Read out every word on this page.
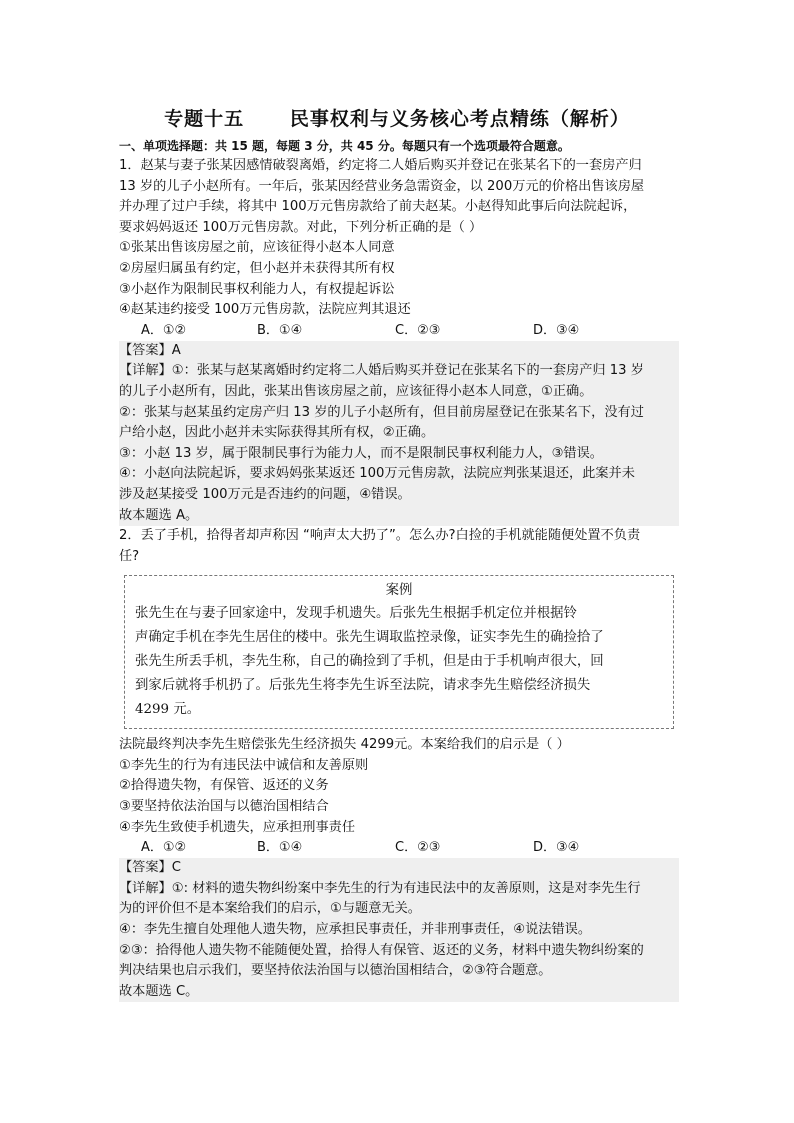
专题十五      民事权利与义务核心考点精练（解析）
一、单项选择题：共 15 题，每题 3 分，共 45 分。每题只有一个选项最符合题意。
1．赵某与妻子张某因感情破裂离婚，约定将二人婚后购买并登记在张某名下的一套房产归
13 岁的儿子小赵所有。一年后，张某因经营业务急需资金，以 200万元的价格出售该房屋
并办理了过户手续，将其中 100万元售房款给了前夫赵某。小赵得知此事后向法院起诉，
要求妈妈返还 100万元售房款。对此，下列分析正确的是（ ）
①张某出售该房屋之前，应该征得小赵本人同意
②房屋归属虽有约定，但小赵并未获得其所有权
③小赵作为限制民事权利能力人，有权提起诉讼
④赵某违约接受 100万元售房款，法院应判其退还
A．①②	B．①④	C．②③	D．③④
【答案】A
【详解】①：张某与赵某离婚时约定将二人婚后购买并登记在张某名下的一套房产归 13 岁
的儿子小赵所有，因此，张某出售该房屋之前，应该征得小赵本人同意，①正确。
②：张某与赵某虽约定房产归 13 岁的儿子小赵所有，但目前房屋登记在张某名下，没有过
户给小赵，因此小赵并未实际获得其所有权，②正确。
③：小赵 13 岁，属于限制民事行为能力人，而不是限制民事权利能力人，③错误。
④：小赵向法院起诉，要求妈妈张某返还 100万元售房款，法院应判张某退还，此案并未
涉及赵某接受 100万元是否违约的问题，④错误。
故本题选 A。
2．丢了手机，拾得者却声称因 “响声太大扔了”。怎么办?白捡的手机就能随便处置不负责
任?
案例
张先生在与妻子回家途中，发现手机遗失。后张先生根据手机定位并根据铃
声确定手机在李先生居住的楼中。张先生调取监控录像，证实李先生的确捡拾了
张先生所丢手机，李先生称，自己的确捡到了手机，但是由于手机响声很大，回
到家后就将手机扔了。后张先生将李先生诉至法院，请求李先生赔偿经济损失
4299 元。
法院最终判决李先生赔偿张先生经济损失 4299元。本案给我们的启示是（ ）
①李先生的行为有违民法中诚信和友善原则
②拾得遗失物，有保管、返还的义务
③要坚持依法治国与以德治国相结合
④李先生致使手机遗失，应承担刑事责任
A．①②	B．①④	C．②③	D．③④
【答案】C
【详解】①: 材料的遗失物纠纷案中李先生的行为有违民法中的友善原则，这是对李先生行
为的评价但不是本案给我们的启示，①与题意无关。
④：李先生擅自处理他人遗失物，应承担民事责任，并非刑事责任，④说法错误。
②③：拾得他人遗失物不能随便处置，拾得人有保管、返还的义务，材料中遗失物纠纷案的
判决结果也启示我们，要坚持依法治国与以德治国相结合，②③符合题意。
故本题选 C。
